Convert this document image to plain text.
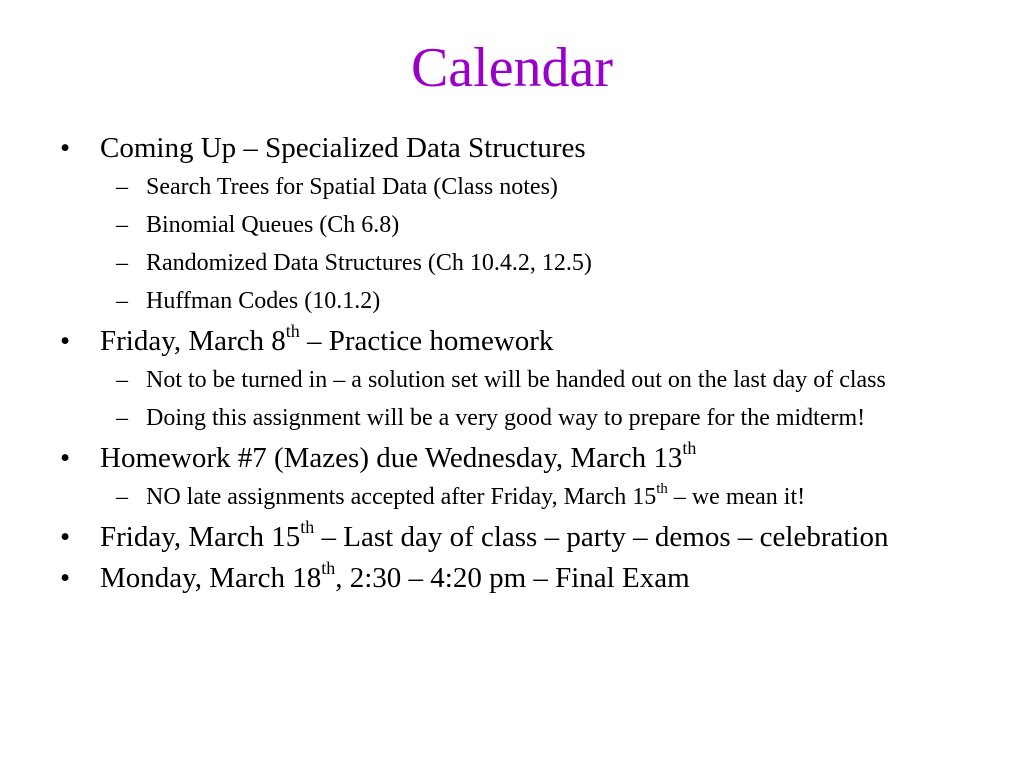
Calendar
• Coming Up – Specialized Data Structures
– Search Trees for Spatial Data (Class notes)
– Binomial Queues (Ch 6.8)
– Randomized Data Structures (Ch 10.4.2, 12.5)
– Huffman Codes (10.1.2)
• Friday, March 8th – Practice homework
– Not to be turned in – a solution set will be handed out on the last day of class
– Doing this assignment will be a very good way to prepare for the midterm!
• Homework #7 (Mazes) due Wednesday, March 13th
– NO late assignments accepted after Friday, March 15th – we mean it!
• Friday, March 15th – Last day of class – party – demos – celebration
• Monday, March 18th, 2:30 – 4:20 pm – Final Exam
